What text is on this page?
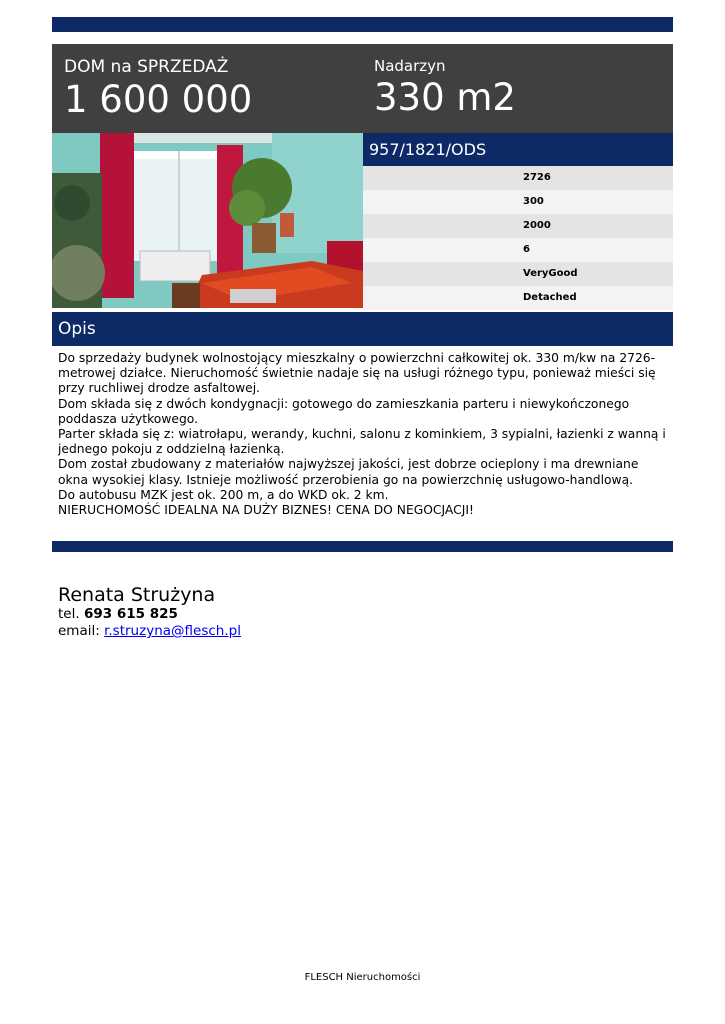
DOM na SPRZEDAŻ
1 600 000
Nadarzyn
330 m2
957/1821/ODS
2726
300
2000
6
VeryGood
Detached
Opis

Do sprzedaży budynek wolnostojący mieszkalny o powierzchni całkowitej ok. 330 m/kw na 2726-metrowej działce. Nieruchomość świetnie nadaje się na usługi różnego typu, ponieważ mieści się przy ruchliwej drodze asfaltowej.

Dom składa się z dwóch kondygnacji: gotowego do zamieszkania parteru i niewykończonego poddasza użytkowego.

Parter składa się z: wiatrołapu, werandy, kuchni, salonu z kominkiem, 3 sypialni, łazienki z wanną i jednego pokoju z oddzielną łazienką.

Dom został zbudowany z materiałów najwyższej jakości, jest dobrze ocieplony i ma drewniane okna wysokiej klasy. Istnieje możliwość przerobienia go na powierzchnię usługowo-handlową.

Do autobusu MZK jest ok. 200 m, a do WKD ok. 2 km.

NIERUCHOMOŚĆ IDEALNA NA DUŻY BIZNES! CENA DO NEGOCJACJI!

Renata Strużyna
tel. 693 615 825
email: r.struzyna@flesch.pl
FLESCH Nieruchomości
